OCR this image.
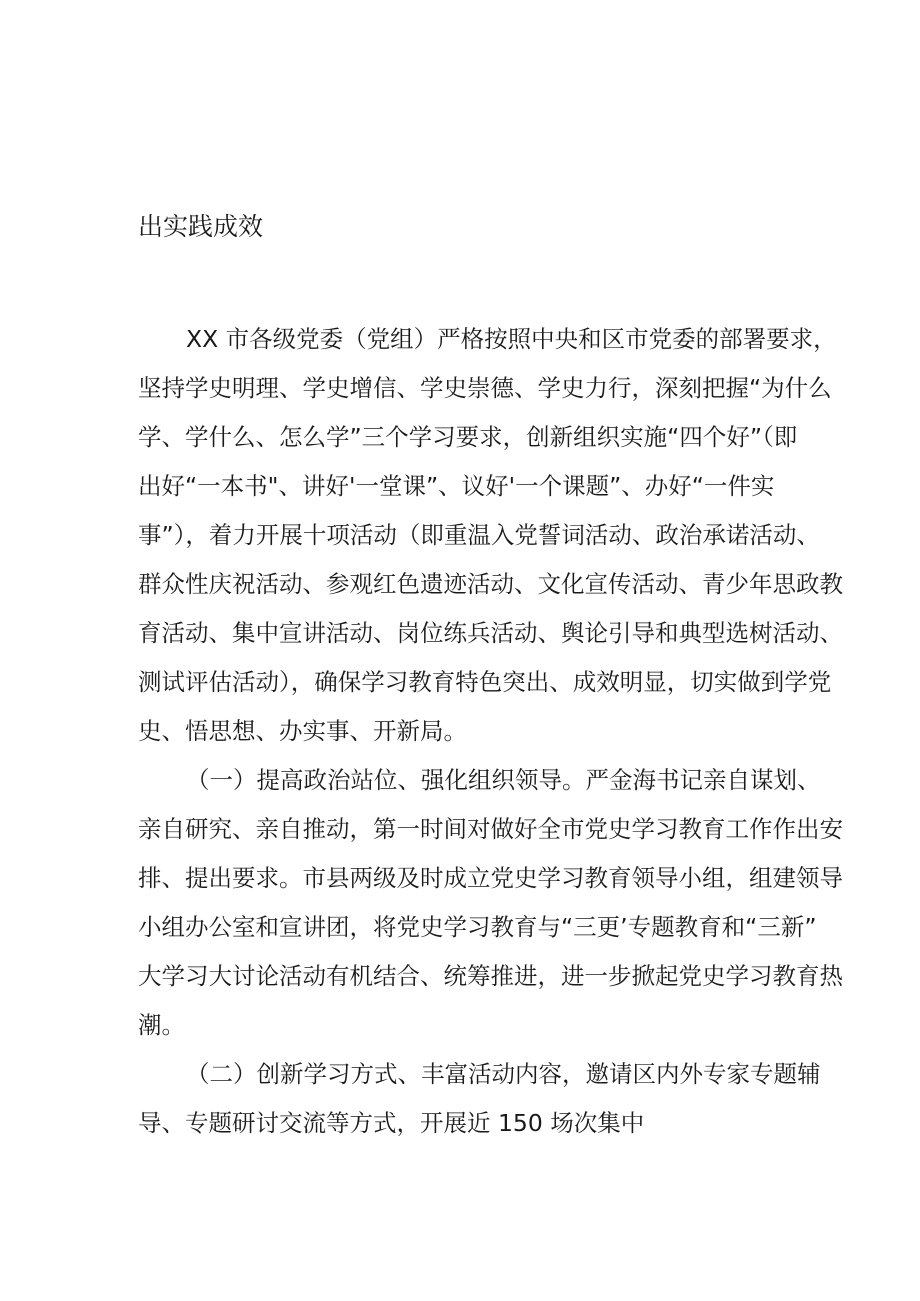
出实践成效
XX 市各级党委（党组）严格按照中央和区市党委的部署要求，
坚持学史明理、学史增信、学史崇德、学史力行，深刻把握“为什么
学、学什么、怎么学”三个学习要求，创新组织实施“四个好”（即
出好“一本书"、讲好'一堂课”、议好'一个课题”、办好“一件实
事”），着力开展十项活动（即重温入党誓词活动、政治承诺活动、
群众性庆祝活动、参观红色遗迹活动、文化宣传活动、青少年思政教
育活动、集中宣讲活动、岗位练兵活动、舆论引导和典型选树活动、
测试评估活动），确保学习教育特色突出、成效明显，切实做到学党
史、悟思想、办实事、开新局。
（一）提高政治站位、强化组织领导。严金海书记亲自谋划、
亲自研究、亲自推动，第一时间对做好全市党史学习教育工作作出安
排、提出要求。市县两级及时成立党史学习教育领导小组，组建领导
小组办公室和宣讲团，将党史学习教育与“三更’专题教育和“三新”
大学习大讨论活动有机结合、统筹推进，进一步掀起党史学习教育热
潮。
（二）创新学习方式、丰富活动内容，邀请区内外专家专题辅
导、专题研讨交流等方式，开展近 150 场次集中
